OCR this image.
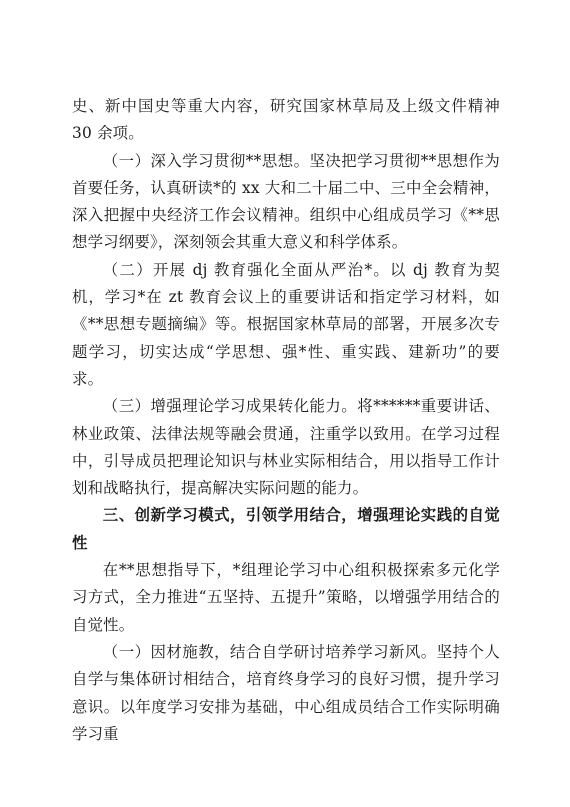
史、新中国史等重大内容，研究国家林草局及上级文件精神 30 余项。

（一）深入学习贯彻**思想。坚决把学习贯彻**思想作为首要任务，认真研读*的 xx 大和二十届二中、三中全会精神，深入把握中央经济工作会议精神。组织中心组成员学习《**思想学习纲要》，深刻领会其重大意义和科学体系。

（二）开展 dj 教育强化全面从严治*。以 dj 教育为契机，学习*在 zt 教育会议上的重要讲话和指定学习材料，如《**思想专题摘编》等。根据国家林草局的部署，开展多次专题学习，切实达成“学思想、强*性、重实践、建新功”的要求。

（三）增强理论学习成果转化能力。将******重要讲话、林业政策、法律法规等融会贯通，注重学以致用。在学习过程中，引导成员把理论知识与林业实际相结合，用以指导工作计划和战略执行，提高解决实际问题的能力。

三、创新学习模式，引领学用结合，增强理论实践的自觉性

在**思想指导下，*组理论学习中心组积极探索多元化学习方式，全力推进“五坚持、五提升”策略，以增强学用结合的自觉性。

（一）因材施教，结合自学研讨培养学习新风。坚持个人自学与集体研讨相结合，培育终身学习的良好习惯，提升学习意识。以年度学习安排为基础，中心组成员结合工作实际明确学习重
